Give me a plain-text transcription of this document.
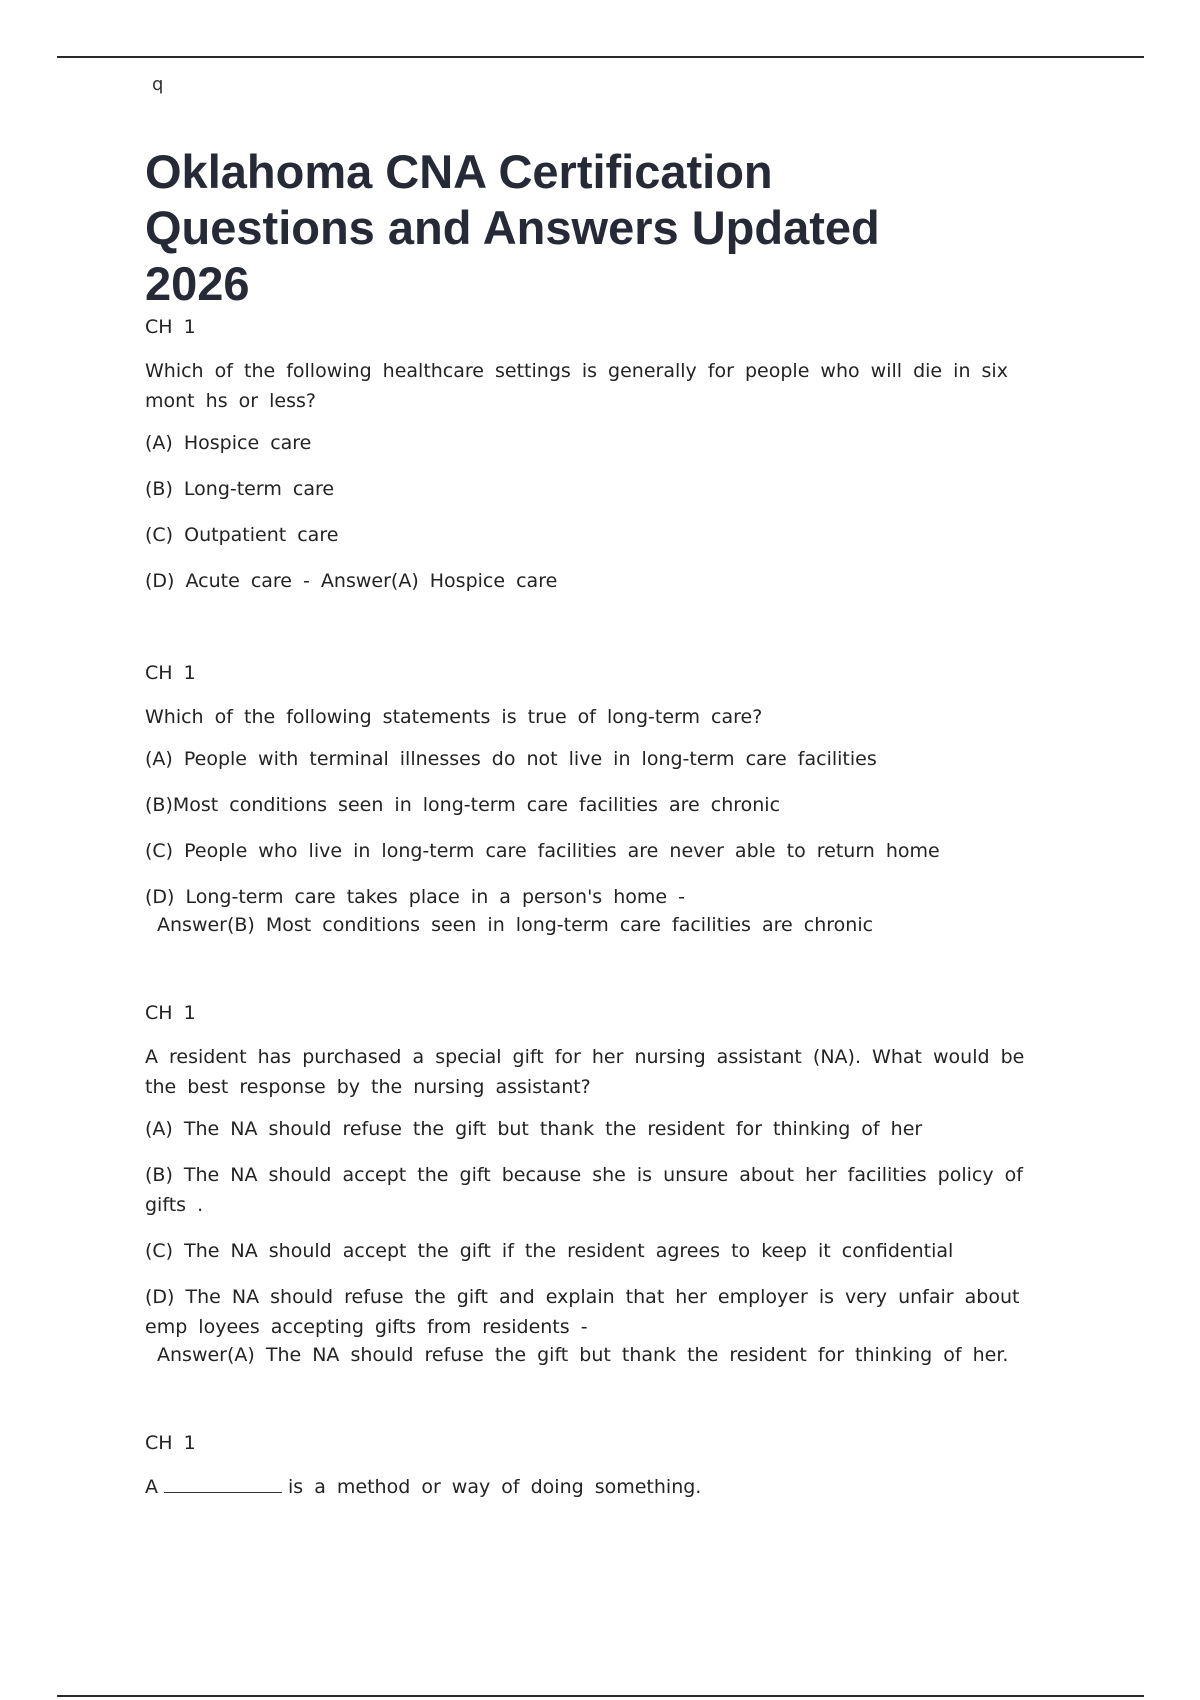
q
Oklahoma CNA Certification Questions and Answers Updated 2026

CH 1

Which of the following healthcare settings is generally for people who will die in six mont hs or less?

(A) Hospice care

(B) Long-term care

(C) Outpatient care

(D) Acute care - Answer(A) Hospice care

CH 1

Which of the following statements is true of long-term care?

(A) People with terminal illnesses do not live in long-term care facilities

(B)Most conditions seen in long-term care facilities are chronic

(C) People who live in long-term care facilities are never able to return home

(D) Long-term care takes place in a person's home -

Answer(B) Most conditions seen in long-term care facilities are chronic

CH 1

A resident has purchased a special gift for her nursing assistant (NA). What would be the best response by the nursing assistant?

(A) The NA should refuse the gift but thank the resident for thinking of her

(B) The NA should accept the gift because she is unsure about her facilities policy of gifts .

(C) The NA should accept the gift if the resident agrees to keep it confidential

(D) The NA should refuse the gift and explain that her employer is very unfair about emp loyees accepting gifts from residents -

Answer(A) The NA should refuse the gift but thank the resident for thinking of her.

CH 1

A	is a method or way of doing something.
